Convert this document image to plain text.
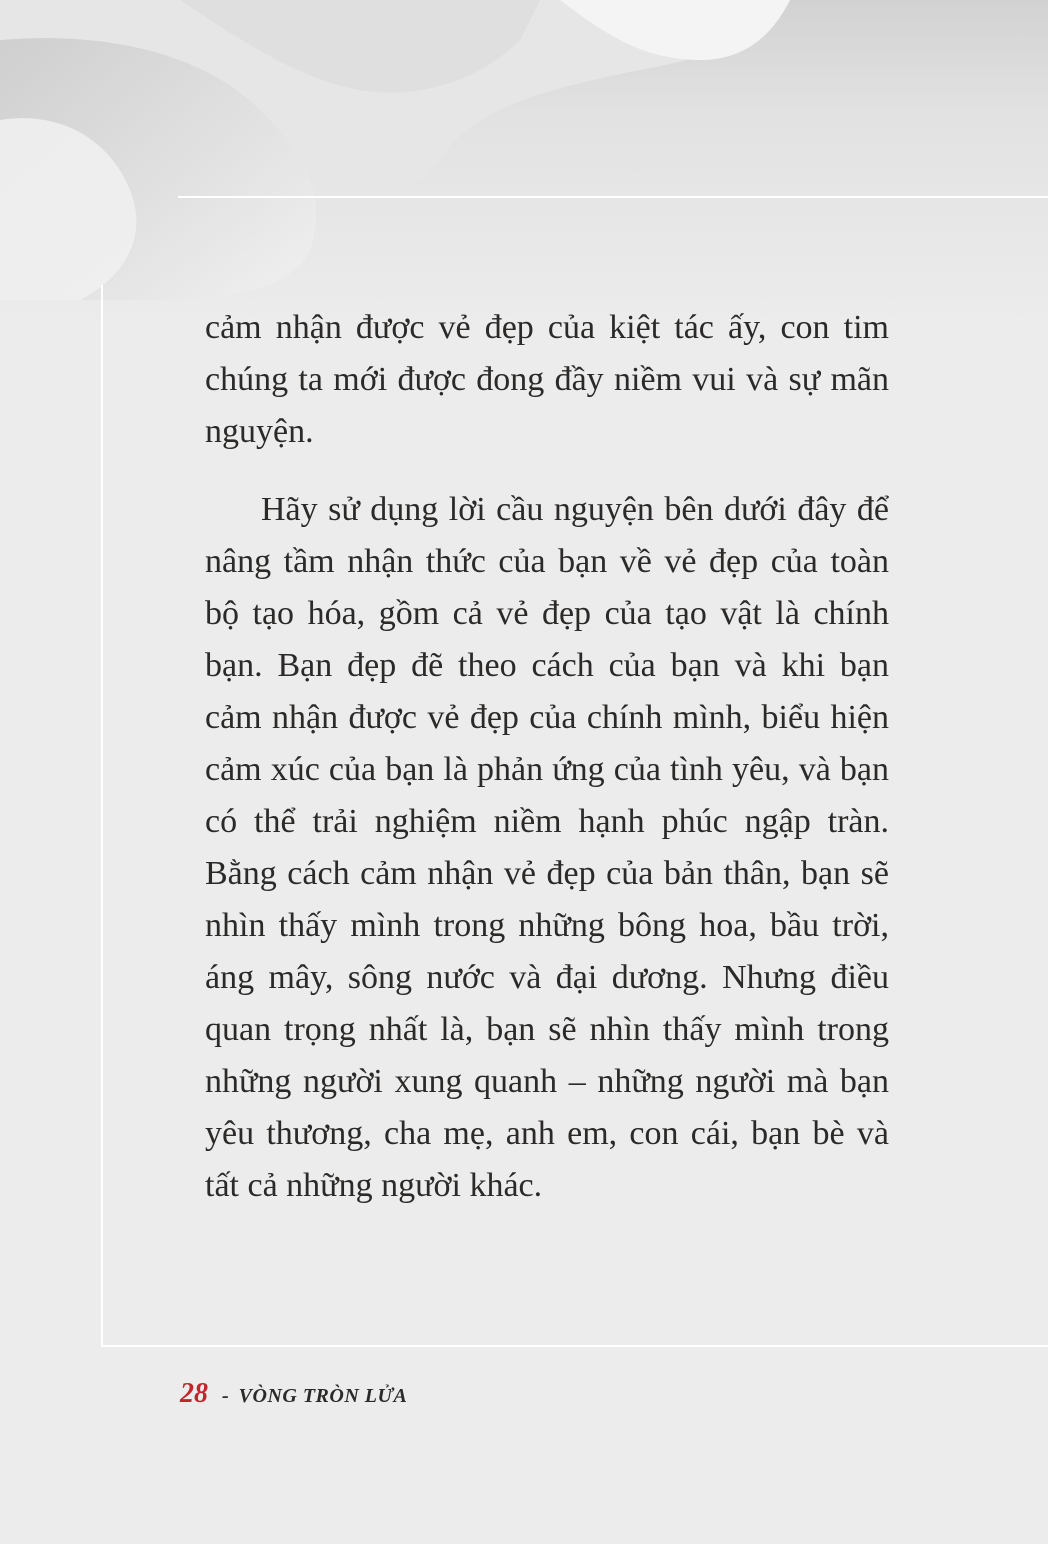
cảm nhận được vẻ đẹp của kiệt tác ấy, con tim chúng ta mới được đong đầy niềm vui và sự mãn nguyện.

Hãy sử dụng lời cầu nguyện bên dưới đây để nâng tầm nhận thức của bạn về vẻ đẹp của toàn bộ tạo hóa, gồm cả vẻ đẹp của tạo vật là chính bạn. Bạn đẹp đẽ theo cách của bạn và khi bạn cảm nhận được vẻ đẹp của chính mình, biểu hiện cảm xúc của bạn là phản ứng của tình yêu, và bạn có thể trải nghiệm niềm hạnh phúc ngập tràn. Bằng cách cảm nhận vẻ đẹp của bản thân, bạn sẽ nhìn thấy mình trong những bông hoa, bầu trời, áng mây, sông nước và đại dương. Nhưng điều quan trọng nhất là, bạn sẽ nhìn thấy mình trong những người xung quanh – những người mà bạn yêu thương, cha mẹ, anh em, con cái, bạn bè và tất cả những người khác.

28 - VÒNG TRÒN LỬA
